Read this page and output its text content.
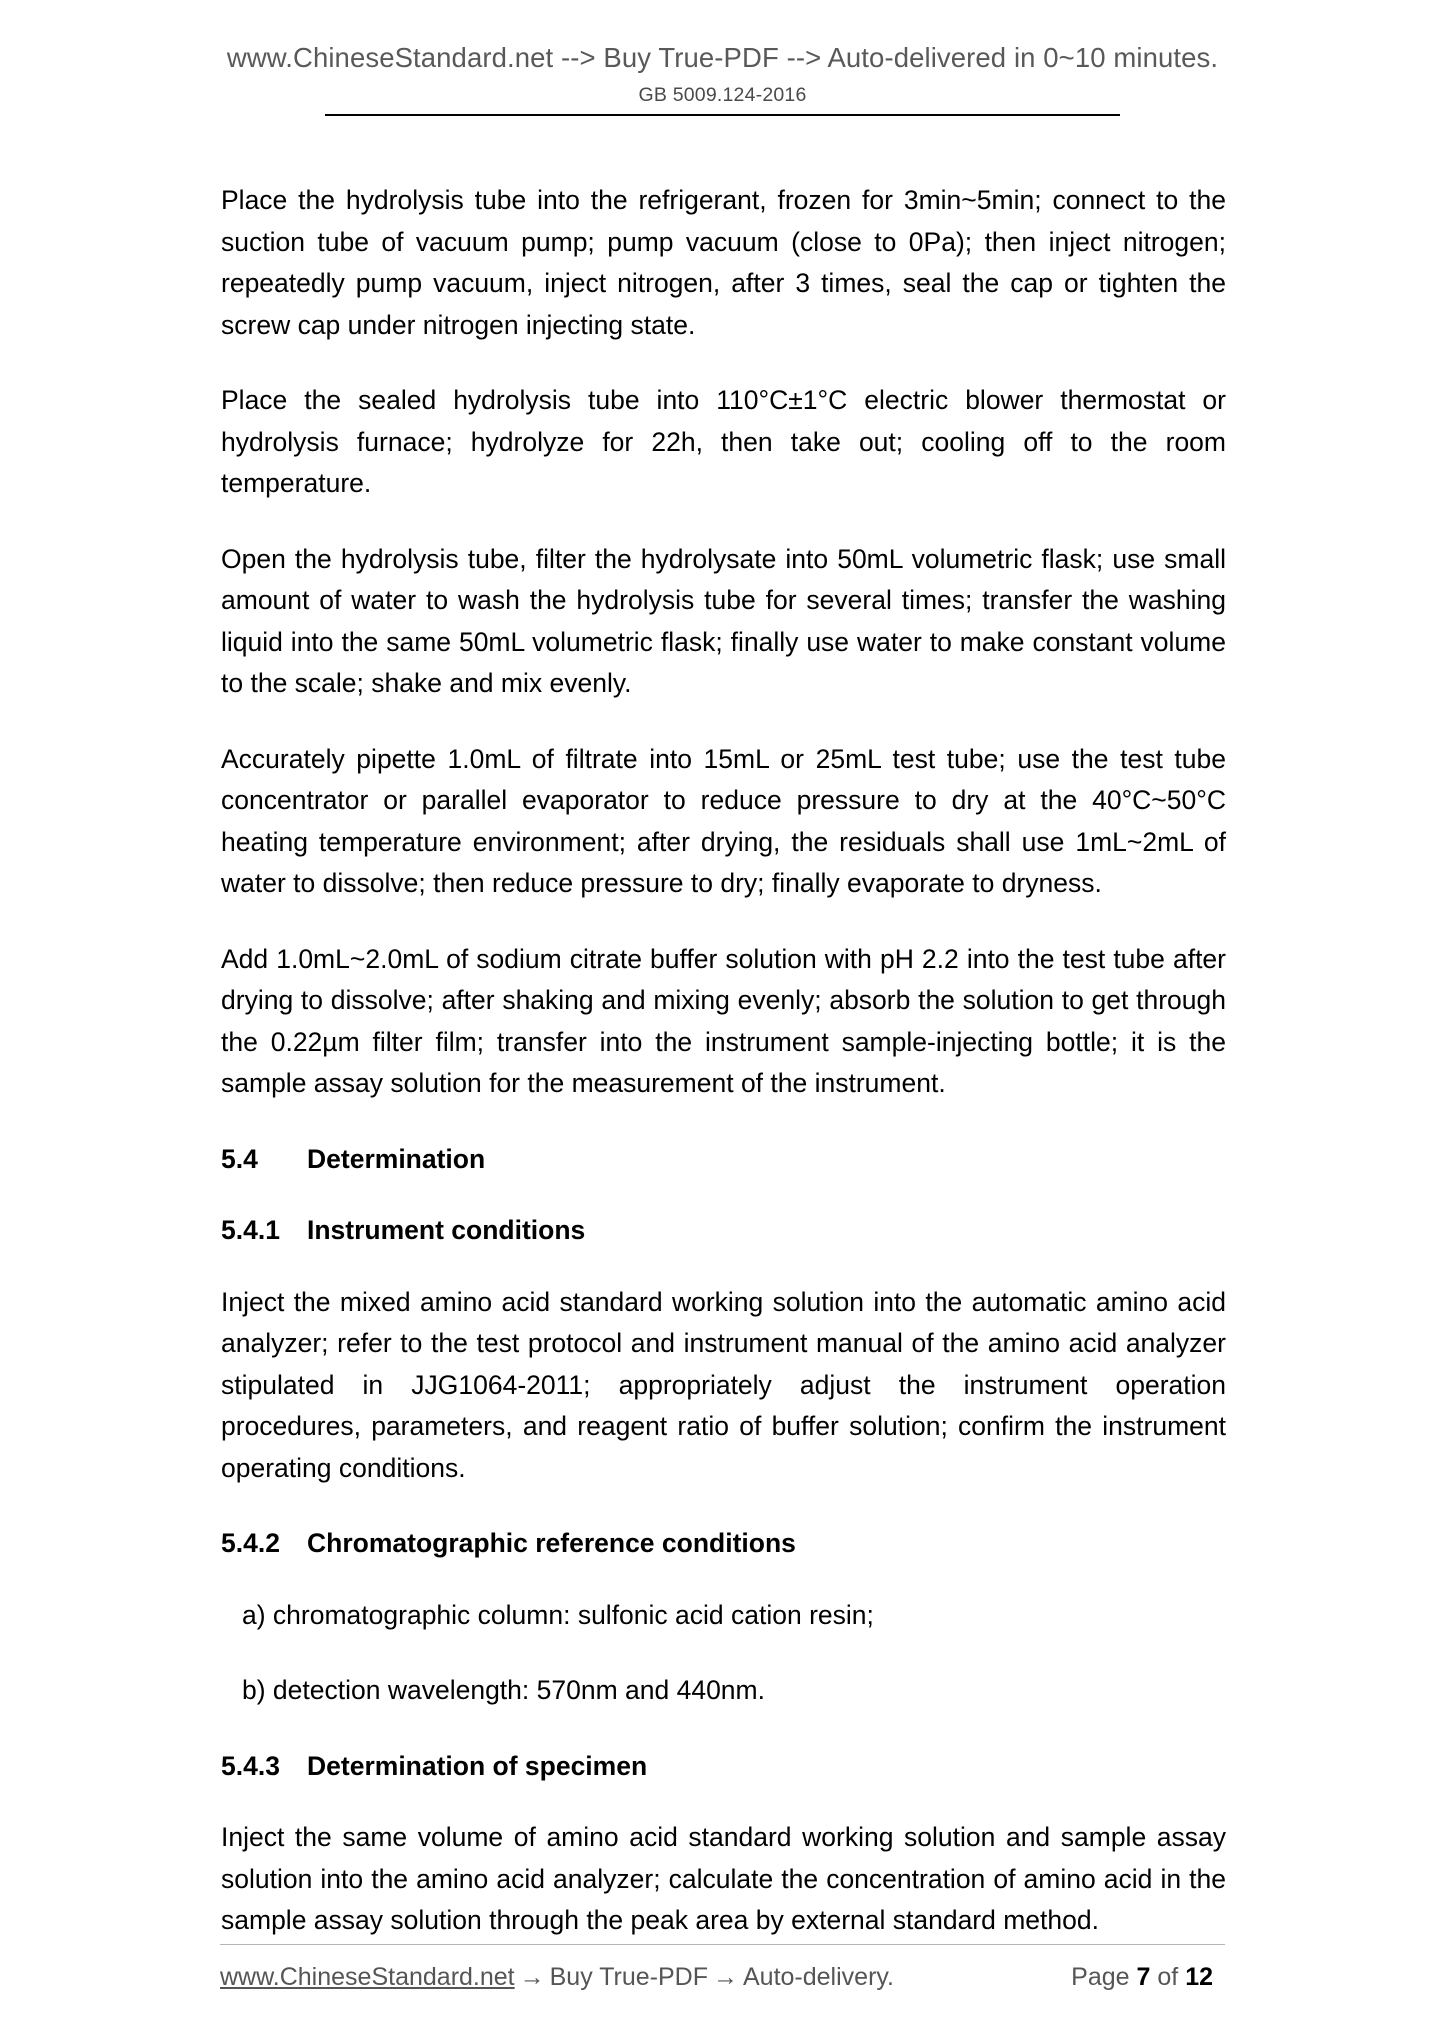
www.ChineseStandard.net --> Buy True-PDF --> Auto-delivered in 0~10 minutes.
GB 5009.124-2016

Place the hydrolysis tube into the refrigerant, frozen for 3min~5min; connect to the suction tube of vacuum pump; pump vacuum (close to 0Pa); then inject nitrogen; repeatedly pump vacuum, inject nitrogen, after 3 times, seal the cap or tighten the screw cap under nitrogen injecting state.

Place the sealed hydrolysis tube into 110°C±1°C electric blower thermostat or hydrolysis furnace; hydrolyze for 22h, then take out; cooling off to the room temperature.

Open the hydrolysis tube, filter the hydrolysate into 50mL volumetric flask; use small amount of water to wash the hydrolysis tube for several times; transfer the washing liquid into the same 50mL volumetric flask; finally use water to make constant volume to the scale; shake and mix evenly.

Accurately pipette 1.0mL of filtrate into 15mL or 25mL test tube; use the test tube concentrator or parallel evaporator to reduce pressure to dry at the 40°C~50°C heating temperature environment; after drying, the residuals shall use 1mL~2mL of water to dissolve; then reduce pressure to dry; finally evaporate to dryness.

Add 1.0mL~2.0mL of sodium citrate buffer solution with pH 2.2 into the test tube after drying to dissolve; after shaking and mixing evenly; absorb the solution to get through the 0.22µm filter film; transfer into the instrument sample-injecting bottle; it is the sample assay solution for the measurement of the instrument.

5.4 Determination
5.4.1 Instrument conditions

Inject the mixed amino acid standard working solution into the automatic amino acid analyzer; refer to the test protocol and instrument manual of the amino acid analyzer stipulated in JJG1064-2011; appropriately adjust the instrument operation procedures, parameters, and reagent ratio of buffer solution; confirm the instrument operating conditions.

5.4.2 Chromatographic reference conditions

a) chromatographic column: sulfonic acid cation resin;

b) detection wavelength: 570nm and 440nm.

5.4.3 Determination of specimen

Inject the same volume of amino acid standard working solution and sample assay solution into the amino acid analyzer; calculate the concentration of amino acid in the sample assay solution through the peak area by external standard method.

www.ChineseStandard.net → Buy True-PDF → Auto-delivery.	Page 7 of 12
